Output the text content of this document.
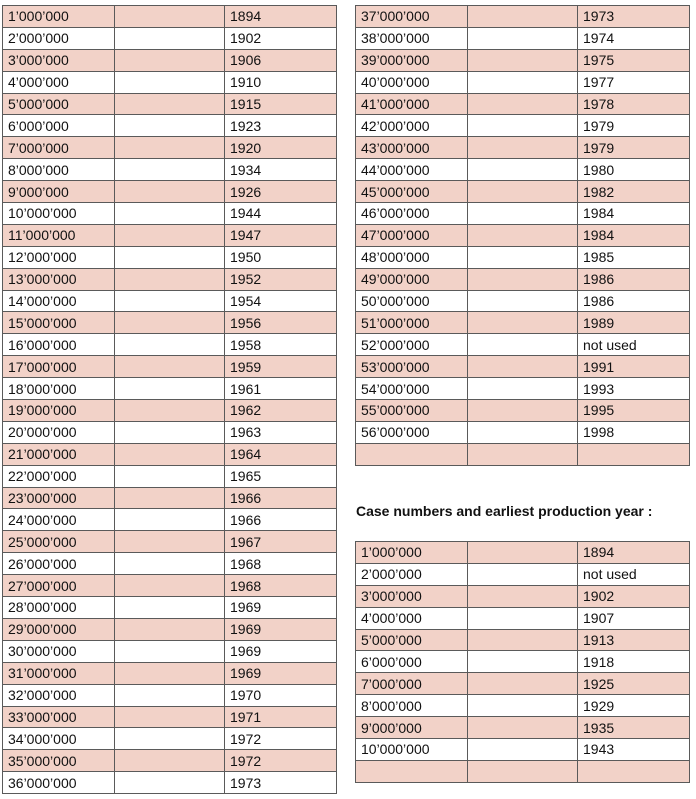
1’000’000		1894
2’000’000		1902
3’000’000		1906
4’000’000		1910
5’000’000		1915
6’000’000		1923
7’000’000		1920
8’000’000		1934
9’000’000		1926
10’000’000		1944
11’000’000		1947
12’000’000		1950
13’000’000		1952
14’000’000		1954
15’000’000		1956
16’000’000		1958
17’000’000		1959
18’000’000		1961
19’000’000		1962
20’000’000		1963
21’000’000		1964
22’000’000		1965
23’000’000		1966
24’000’000		1966
25’000’000		1967
26’000’000		1968
27’000’000		1968
28’000’000		1969
29’000’000		1969
30’000’000		1969
31’000’000		1969
32’000’000		1970
33’000’000		1971
34’000’000		1972
35’000’000		1972
36’000’000		1973
37’000’000		1973
38’000’000		1974
39’000’000		1975
40’000’000		1977
41’000’000		1978
42’000’000		1979
43’000’000		1979
44’000’000		1980
45’000’000		1982
46’000’000		1984
47’000’000		1984
48’000’000		1985
49’000’000		1986
50’000’000		1986
51’000’000		1989
52’000’000		not used
53’000’000		1991
54’000’000		1993
55’000’000		1995
56’000’000		1998

Case numbers and earliest production year :
1’000’000		1894
2’000’000		not used
3’000’000		1902
4’000’000		1907
5’000’000		1913
6’000’000		1918
7’000’000		1925
8’000’000		1929
9’000’000		1935
10’000’000		1943
